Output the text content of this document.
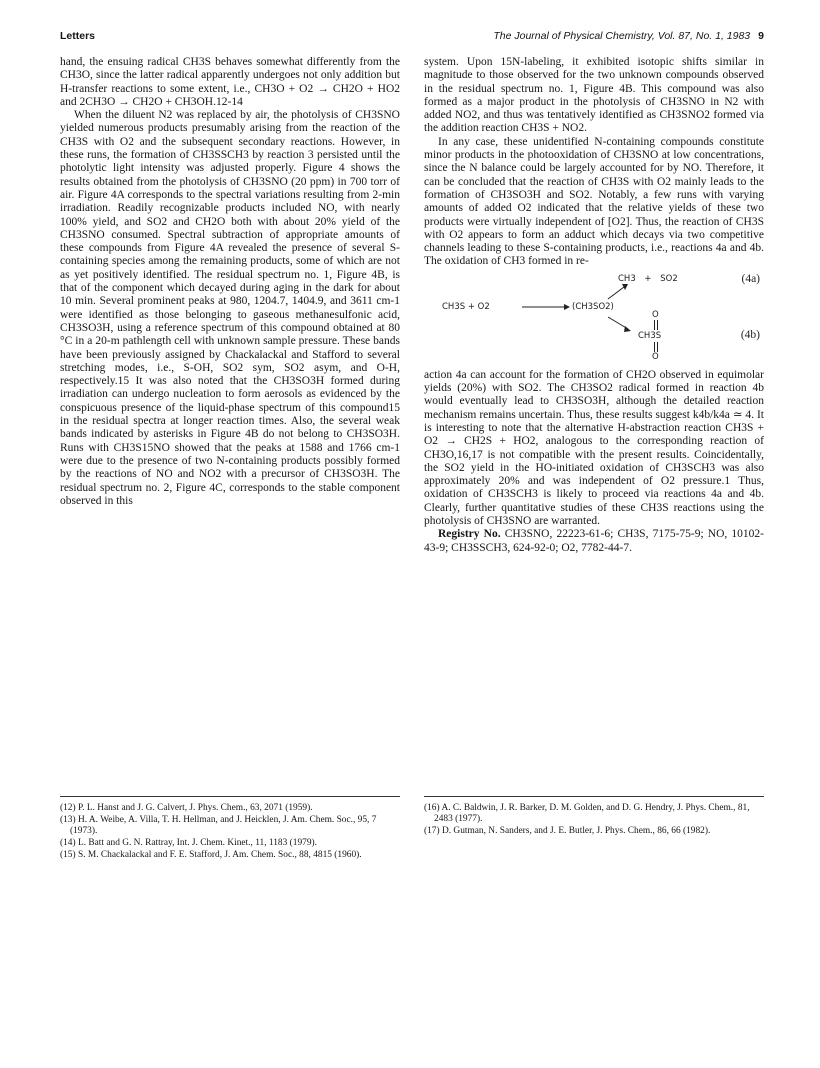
Letters	The Journal of Physical Chemistry, Vol. 87, No. 1, 1983 9

hand, the ensuing radical CH3S behaves somewhat differently from the CH3O, since the latter radical apparently undergoes not only addition but H-transfer reactions to some extent, i.e., CH3O + O2 → CH2O + HO2 and 2CH3O → CH2O + CH3OH.12-14

When the diluent N2 was replaced by air, the photolysis of CH3SNO yielded numerous products presumably arising from the reaction of the CH3S with O2 and the subsequent secondary reactions. However, in these runs, the formation of CH3SSCH3 by reaction 3 persisted until the photolytic light intensity was adjusted properly. Figure 4 shows the results obtained from the photolysis of CH3SNO (20 ppm) in 700 torr of air. Figure 4A corresponds to the spectral variations resulting from 2-min irradiation. Readily recognizable products included NO, with nearly 100% yield, and SO2 and CH2O both with about 20% yield of the CH3SNO consumed. Spectral subtraction of appropriate amounts of these compounds from Figure 4A revealed the presence of several S-containing species among the remaining products, some of which are not as yet positively identified. The residual spectrum no. 1, Figure 4B, is that of the component which decayed during aging in the dark for about 10 min. Several prominent peaks at 980, 1204.7, 1404.9, and 3611 cm-1 were identified as those belonging to gaseous methanesulfonic acid, CH3SO3H, using a reference spectrum of this compound obtained at 80 °C in a 20-m pathlength cell with unknown sample pressure. These bands have been previously assigned by Chackalackal and Stafford to several stretching modes, i.e., S-OH, SO2 sym, SO2 asym, and O-H, respectively.15 It was also noted that the CH3SO3H formed during irradiation can undergo nucleation to form aerosols as evidenced by the conspicuous presence of the liquid-phase spectrum of this compound15 in the residual spectra at longer reaction times. Also, the several weak bands indicated by asterisks in Figure 4B do not belong to CH3SO3H. Runs with CH3S15NO showed that the peaks at 1588 and 1766 cm-1 were due to the presence of two N-containing products possibly formed by the reactions of NO and NO2 with a precursor of CH3SO3H. The residual spectrum no. 2, Figure 4C, corresponds to the stable component observed in this

system. Upon 15N-labeling, it exhibited isotopic shifts similar in magnitude to those observed for the two unknown compounds observed in the residual spectrum no. 1, Figure 4B. This compound was also formed as a major product in the photolysis of CH3SNO in N2 with added NO2, and thus was tentatively identified as CH3SNO2 formed via the addition reaction CH3S + NO2.

In any case, these unidentified N-containing compounds constitute minor products in the photooxidation of CH3SNO at low concentrations, since the N balance could be largely accounted for by NO. Therefore, it can be concluded that the reaction of CH3S with O2 mainly leads to the formation of CH3SO3H and SO2. Notably, a few runs with varying amounts of added O2 indicated that the relative yields of these two products were virtually independent of [O2]. Thus, the reaction of CH3S with O2 appears to form an adduct which decays via two competitive channels leading to these S-containing products, i.e., reactions 4a and 4b. The oxidation of CH3 formed in re-

CH3S + O2	(CH3SO2)
CH3 + SO2	(4a)
O
CH3S
O
(4b)

action 4a can account for the formation of CH2O observed in equimolar yields (20%) with SO2. The CH3SO2 radical formed in reaction 4b would eventually lead to CH3SO3H, although the detailed reaction mechanism remains uncertain. Thus, these results suggest k4b/k4a ≃ 4. It is interesting to note that the alternative H-abstraction reaction CH3S + O2 → CH2S + HO2, analogous to the corresponding reaction of CH3O,16,17 is not compatible with the present results. Coincidentally, the SO2 yield in the HO-initiated oxidation of CH3SCH3 was also approximately 20% and was independent of O2 pressure.1 Thus, oxidation of CH3SCH3 is likely to proceed via reactions 4a and 4b. Clearly, further quantitative studies of these CH3S reactions using the photolysis of CH3SNO are warranted.

Registry No. CH3SNO, 22223-61-6; CH3S, 7175-75-9; NO, 10102-43-9; CH3SSCH3, 624-92-0; O2, 7782-44-7.

(12) P. L. Hanst and J. G. Calvert, J. Phys. Chem., 63, 2071 (1959).
(13) H. A. Weibe, A. Villa, T. H. Hellman, and J. Heicklen, J. Am. Chem. Soc., 95, 7 (1973).
(14) L. Batt and G. N. Rattray, Int. J. Chem. Kinet., 11, 1183 (1979).
(15) S. M. Chackalackal and F. E. Stafford, J. Am. Chem. Soc., 88, 4815 (1960).
(16) A. C. Baldwin, J. R. Barker, D. M. Golden, and D. G. Hendry, J. Phys. Chem., 81, 2483 (1977).
(17) D. Gutman, N. Sanders, and J. E. Butler, J. Phys. Chem., 86, 66 (1982).
